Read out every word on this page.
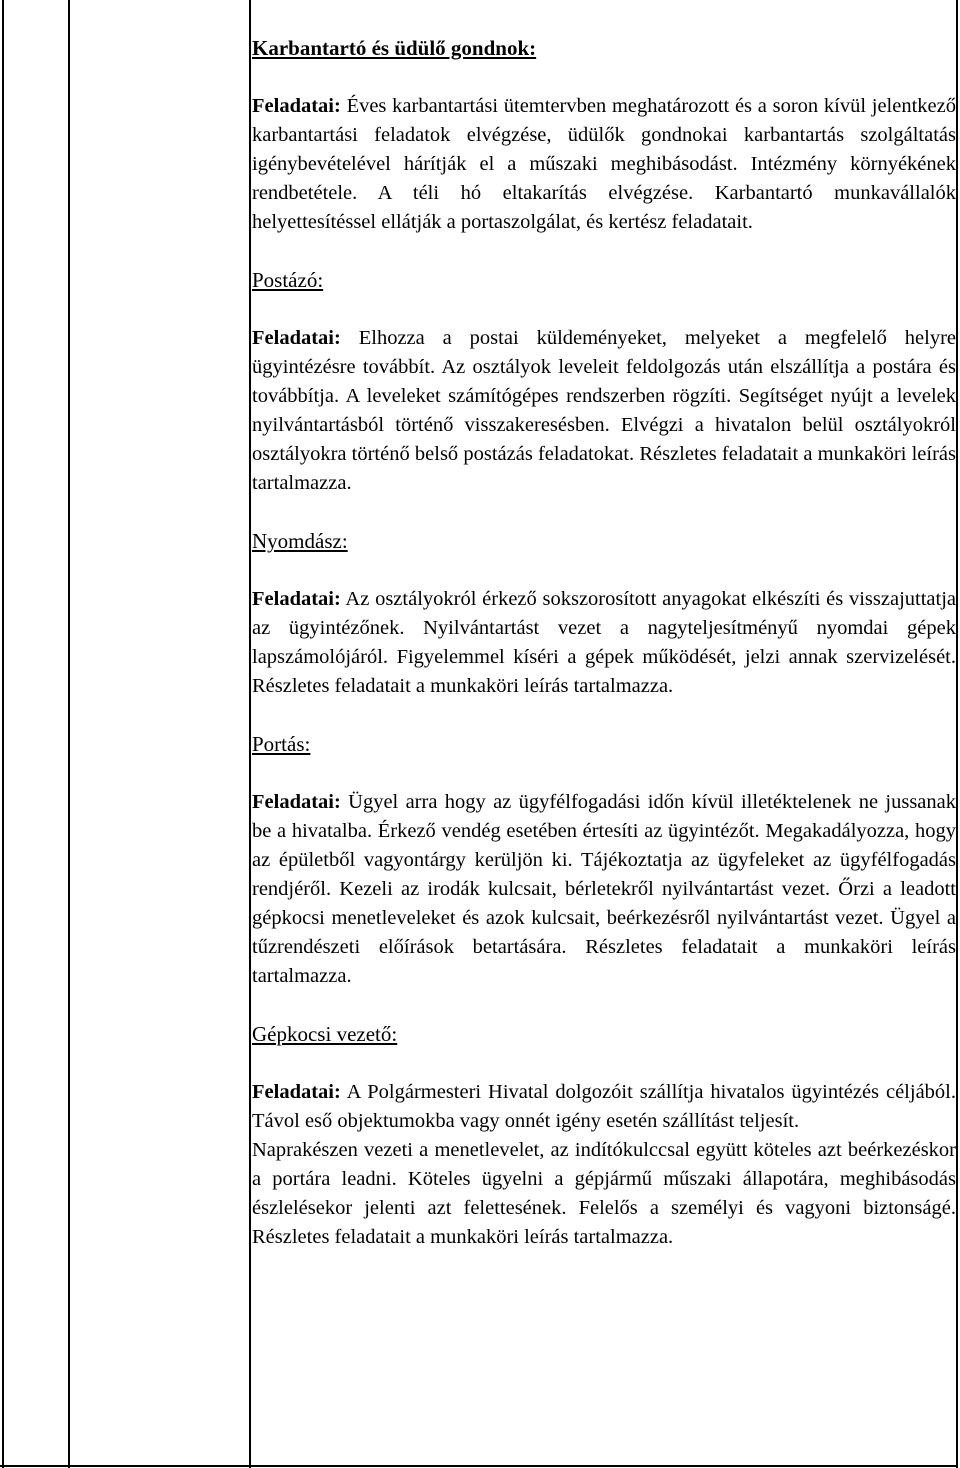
Karbantartó és üdülő gondnok:

Feladatai: Éves karbantartási ütemtervben meghatározott és a soron kívül jelentkező karbantartási feladatok elvégzése, üdülők gondnokai karbantartás szolgáltatás igénybevételével hárítják el a műszaki meghibásodást. Intézmény környékének rendbetétele. A téli hó eltakarítás elvégzése. Karbantartó munkavállalók helyettesítéssel ellátják a portaszolgálat, és kertész feladatait.

Postázó:

Feladatai: Elhozza a postai küldeményeket, melyeket a megfelelő helyre ügyintézésre továbbít. Az osztályok leveleit feldolgozás után elszállítja a postára és továbbítja. A leveleket számítógépes rendszerben rögzíti. Segítséget nyújt a levelek nyilvántartásból történő visszakeresésben. Elvégzi a hivatalon belül osztályokról osztályokra történő belső postázás feladatokat. Részletes feladatait a munkaköri leírás tartalmazza.

Nyomdász:

Feladatai: Az osztályokról érkező sokszorosított anyagokat elkészíti és visszajuttatja az ügyintézőnek. Nyilvántartást vezet a nagyteljesítményű nyomdai gépek lapszámolójáról. Figyelemmel kíséri a gépek működését, jelzi annak szervizelését. Részletes feladatait a munkaköri leírás tartalmazza.

Portás:

Feladatai: Ügyel arra hogy az ügyfélfogadási időn kívül illetéktelenek ne jussanak be a hivatalba. Érkező vendég esetében értesíti az ügyintézőt. Megakadályozza, hogy az épületből vagyontárgy kerüljön ki. Tájékoztatja az ügyfeleket az ügyfélfogadás rendjéről. Kezeli az irodák kulcsait, bérletekről nyilvántartást vezet. Őrzi a leadott gépkocsi menetleveleket és azok kulcsait, beérkezésről nyilvántartást vezet. Ügyel a tűzrendészeti előírások betartására. Részletes feladatait a munkaköri leírás tartalmazza.

Gépkocsi vezető:

Feladatai: A Polgármesteri Hivatal dolgozóit szállítja hivatalos ügyintézés céljából. Távol eső objektumokba vagy onnét igény esetén szállítást teljesít.

Naprakészen vezeti a menetlevelet, az indítókulccsal együtt köteles azt beérkezéskor a portára leadni. Köteles ügyelni a gépjármű műszaki állapotára, meghibásodás észlelésekor jelenti azt felettesének. Felelős a személyi és vagyoni biztonságé. Részletes feladatait a munkaköri leírás tartalmazza.
